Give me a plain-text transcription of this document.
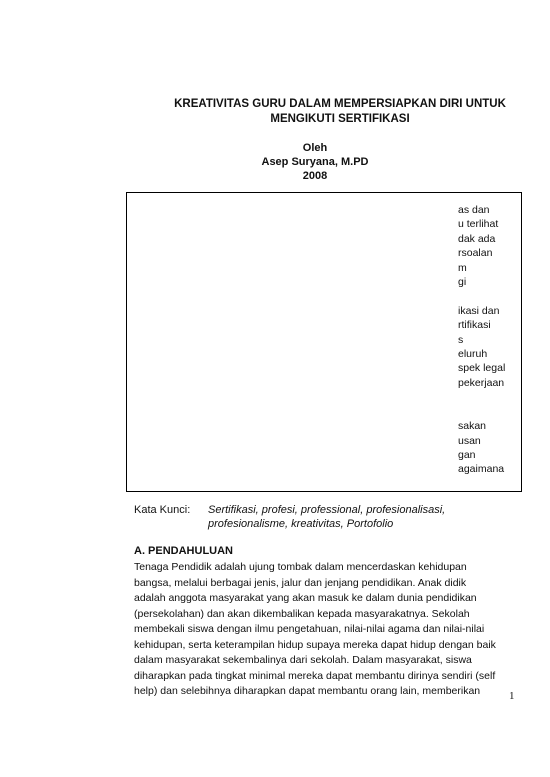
KREATIVITAS GURU DALAM MEMPERSIAPKAN DIRI UNTUK
MENGIKUTI SERTIFIKASI
Oleh
Asep Suryana, M.PD
2008
as dan
u terlihat
dak ada
rsoalan
m
gi

ikasi dan
rtifikasi
s
eluruh
spek legal
pekerjaan

sakan
usan
gan
agaimana
Kata Kunci:	Sertifikasi, profesi, professional, profesionalisasi, profesionalisme, kreativitas, Portofolio
A. PENDAHULUAN
Tenaga Pendidik adalah ujung tombak dalam mencerdaskan kehidupan
bangsa, melalui berbagai jenis, jalur dan jenjang pendidikan. Anak didik
adalah anggota masyarakat yang akan masuk ke dalam dunia pendidikan
(persekolahan) dan akan dikembalikan kepada masyarakatnya. Sekolah
membekali siswa dengan ilmu pengetahuan, nilai-nilai agama dan nilai-nilai
kehidupan, serta keterampilan hidup supaya mereka dapat hidup dengan baik
dalam masyarakat sekembalinya dari sekolah. Dalam masyarakat, siswa
diharapkan pada tingkat minimal mereka dapat membantu dirinya sendiri (self
help) dan selebihnya diharapkan dapat membantu orang lain, memberikan	1
